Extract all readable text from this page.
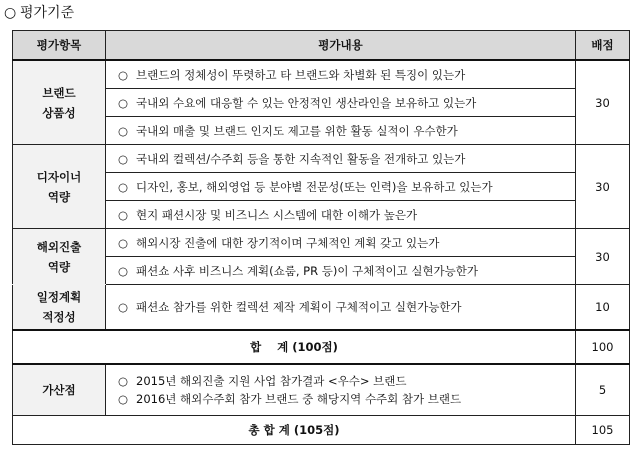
○ 평가기준
평가항목	평가내용	배점

브랜드
상품성	○ 브랜드의 정체성이 뚜렷하고 타 브랜드와 차별화 된 특징이 있는가	30
	○ 국내외 수요에 대응할 수 있는 안정적인 생산라인을 보유하고 있는가	
	○ 국내외 매출 및 브랜드 인지도 제고를 위한 활동 실적이 우수한가	

디자이너
역량	○ 국내외 컬렉션/수주회 등을 통한 지속적인 활동을 전개하고 있는가	30
	○ 디자인, 홍보, 해외영업 등 분야별 전문성(또는 인력)을 보유하고 있는가	
	○ 현지 패션시장 및 비즈니스 시스템에 대한 이해가 높은가	

해외진출
역량	○ 해외시장 진출에 대한 장기적이며 구체적인 계획 갖고 있는가	30
	○ 패션쇼 사후 비즈니스 계획(쇼룸, PR 등)이 구체적이고 실현가능한가	

일정계획
적정성	○ 패션쇼 참가를 위한 컬렉션 제작 계획이 구체적이고 실현가능한가	10
합    계 (100점)		100
가산점	○ 2015년 해외진출 지원 사업 참가결과 <우수> 브랜드
○ 2016년 해외수주회 참가 브랜드 중 해당지역 수주회 참가 브랜드	5
총 합 계 (105점)		105
